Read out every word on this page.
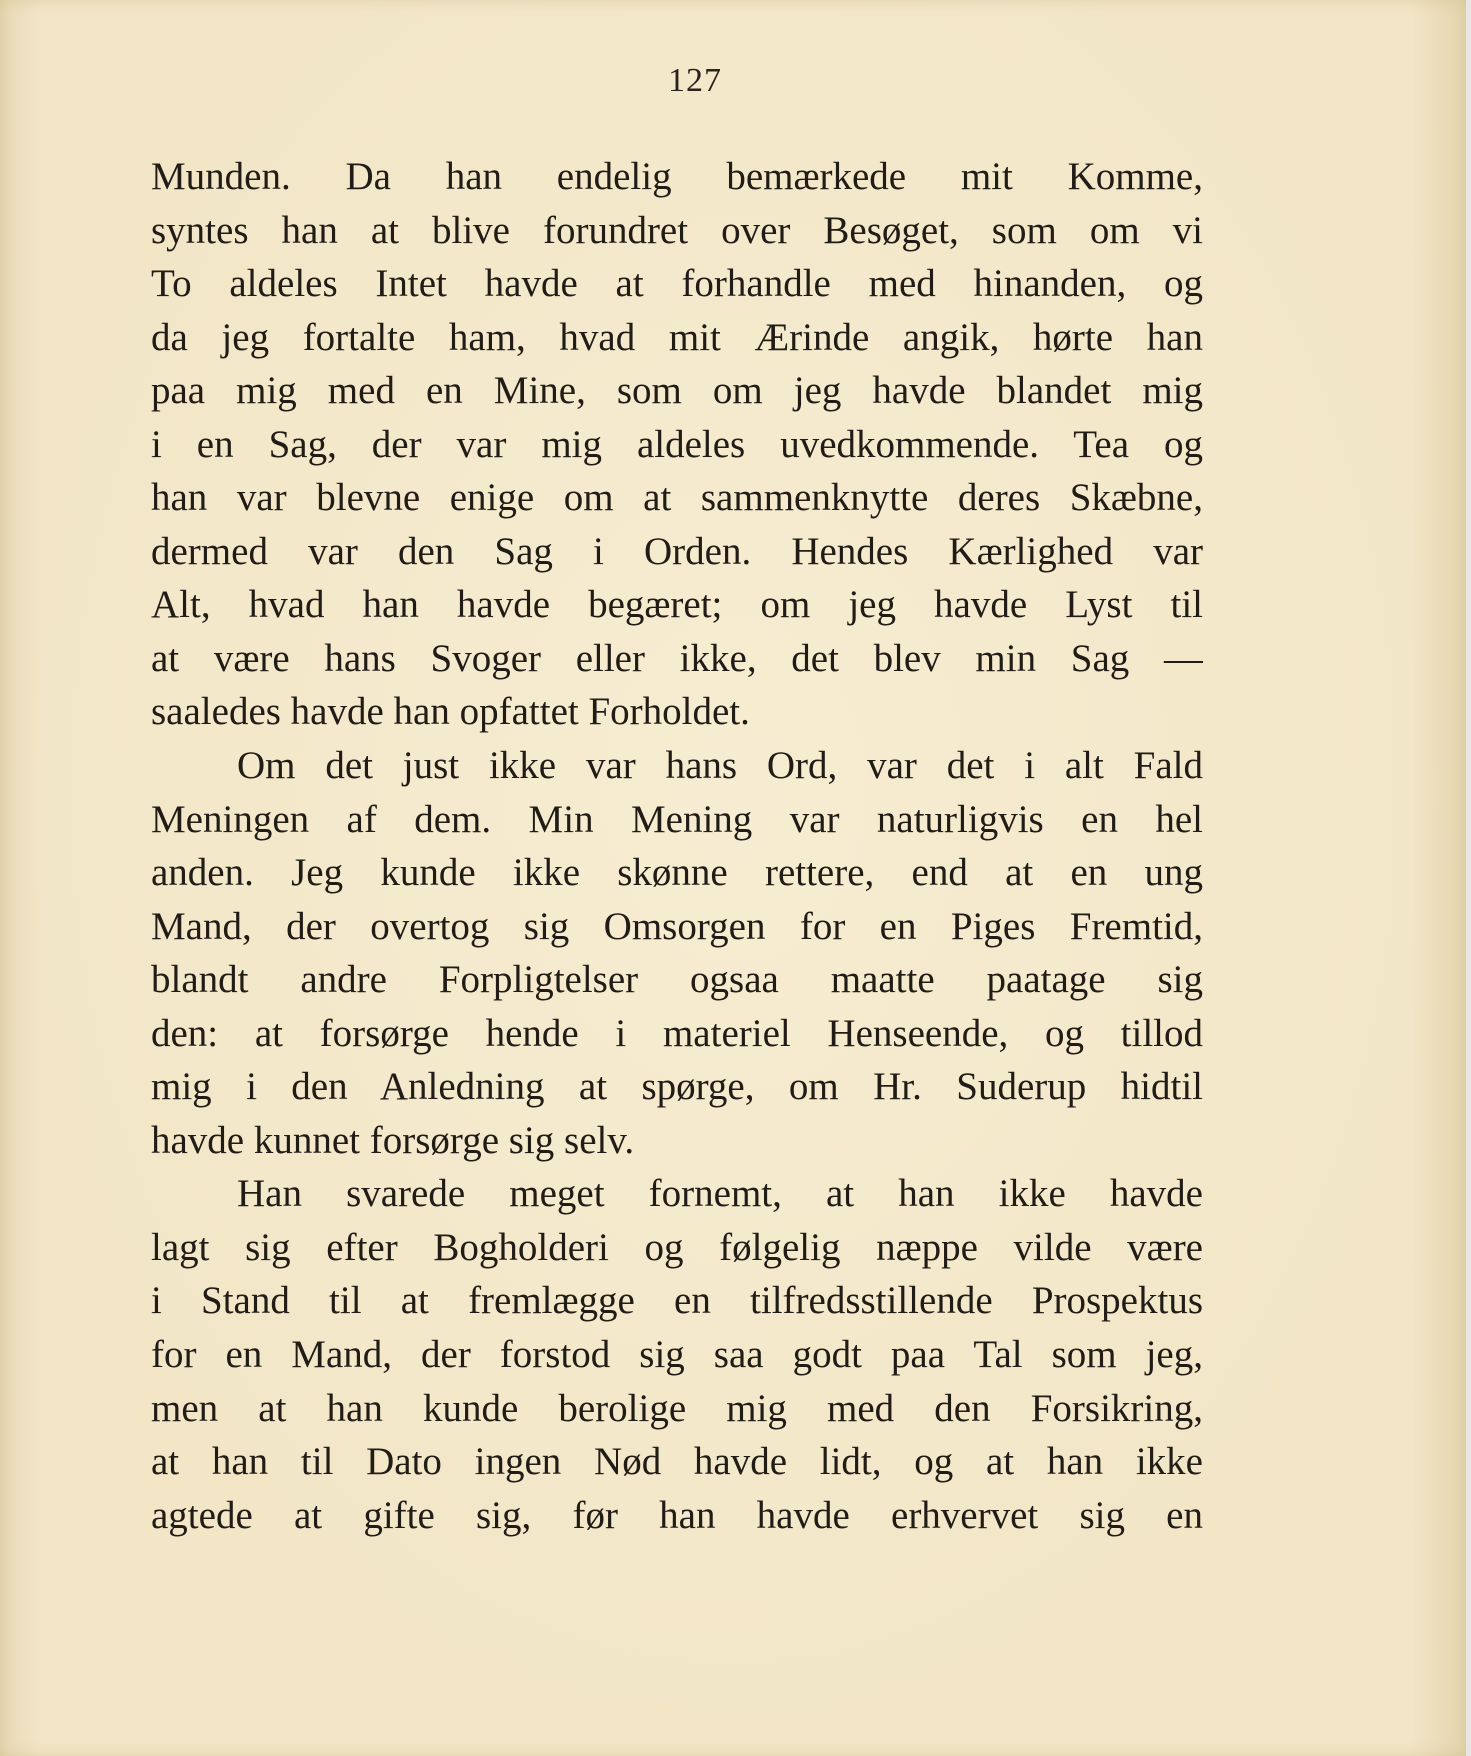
127
Munden. Da han endelig bemærkede mit Komme,
syntes han at blive forundret over Besøget, som om vi
To aldeles Intet havde at forhandle med hinanden, og
da jeg fortalte ham, hvad mit Ærinde angik, hørte han
paa mig med en Mine, som om jeg havde blandet mig
i en Sag, der var mig aldeles uvedkommende. Tea og
han var blevne enige om at sammenknytte deres Skæbne,
dermed var den Sag i Orden. Hendes Kærlighed var
Alt, hvad han havde begæret; om jeg havde Lyst til
at være hans Svoger eller ikke, det blev min Sag —
saaledes havde han opfattet Forholdet.
Om det just ikke var hans Ord, var det i alt Fald
Meningen af dem. Min Mening var naturligvis en hel
anden. Jeg kunde ikke skønne rettere, end at en ung
Mand, der overtog sig Omsorgen for en Piges Fremtid,
blandt andre Forpligtelser ogsaa maatte paatage sig
den: at forsørge hende i materiel Henseende, og tillod
mig i den Anledning at spørge, om Hr. Suderup hidtil
havde kunnet forsørge sig selv.
Han svarede meget fornemt, at han ikke havde
lagt sig efter Bogholderi og følgelig næppe vilde være
i Stand til at fremlægge en tilfredsstillende Prospektus
for en Mand, der forstod sig saa godt paa Tal som jeg,
men at han kunde berolige mig med den Forsikring,
at han til Dato ingen Nød havde lidt, og at han ikke
agtede at gifte sig, før han havde erhvervet sig en
